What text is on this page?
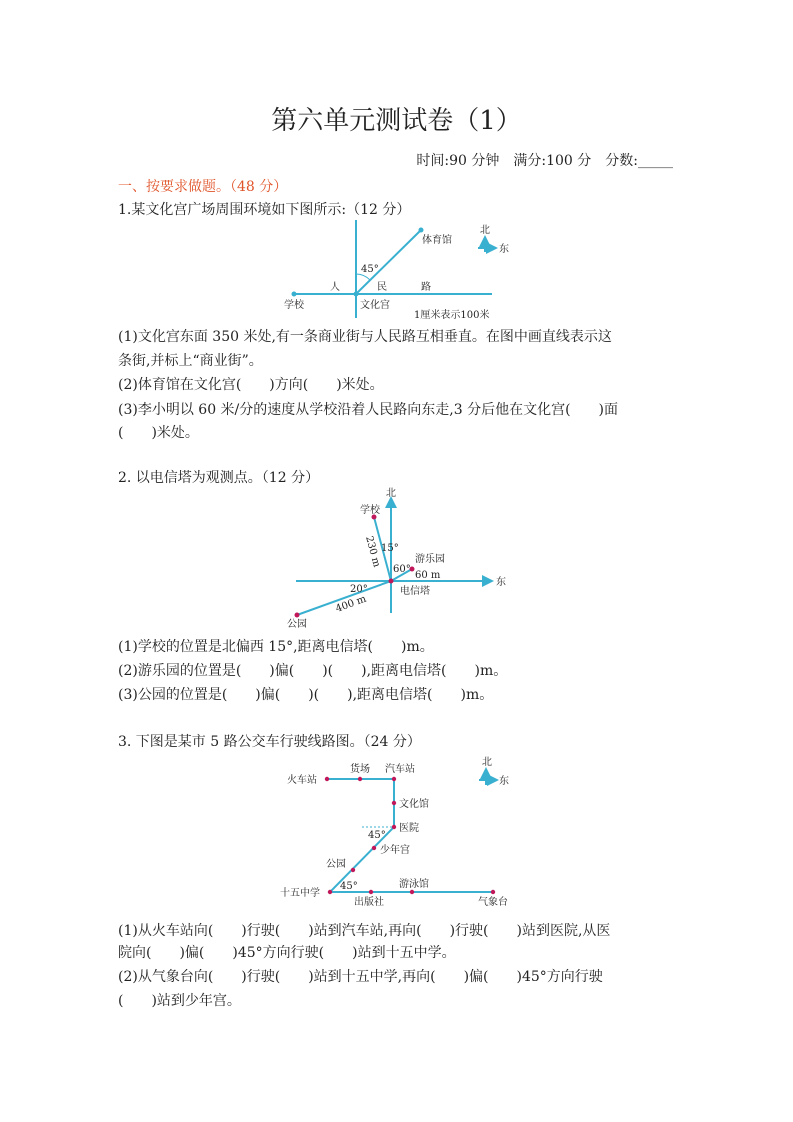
第六单元测试卷（1）
时间:90 分钟　满分:100 分　分数:_____
一、按要求做题。（48 分）
1.某文化宫广场周围环境如下图所示:（12 分）
(1)文化宫东面 350 米处,有一条商业街与人民路互相垂直。在图中画直线表示这
条街,并标上“商业街”。
(2)体育馆在文化宫(　　)方向(　　)米处。
(3)李小明以 60 米/分的速度从学校沿着人民路向东走,3 分后他在文化宫(　　)面
(　　)米处。
2. 以电信塔为观测点。（12 分）
(1)学校的位置是北偏西 15°,距离电信塔(　　)m。
(2)游乐园的位置是(　　)偏(　　)(　　),距离电信塔(　　)m。
(3)公园的位置是(　　)偏(　　)(　　),距离电信塔(　　)m。
3. 下图是某市 5 路公交车行驶线路图。（24 分）
(1)从火车站向(　　)行驶(　　)站到汽车站,再向(　　)行驶(　　)站到医院,从医
院向(　　)偏(　　)45°方向行驶(　　)站到十五中学。
(2)从气象台向(　　)行驶(　　)站到十五中学,再向(　　)偏(　　)45°方向行驶
(　　)站到少年宫。
体育馆
45°
人	民	路
学校	文化宫
1厘米表示100米
北
东
北
东
学校
230 m 15°
游乐园
60°
60 m
20°
400 m
电信塔
公园
火车站
货场 汽车站
文化馆
医院
45°
少年宫
公园
十五中学
45°
出版社
游泳馆
气象台
北
东
